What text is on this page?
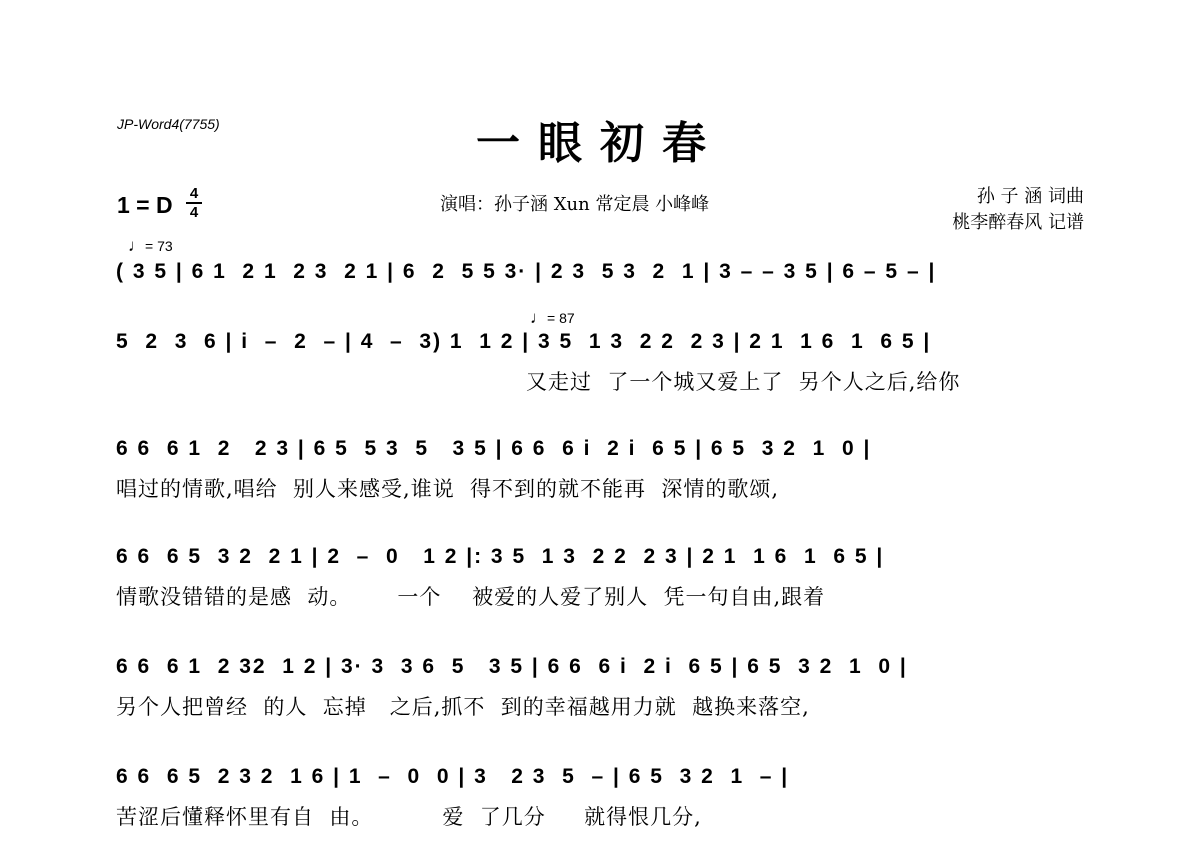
JP-Word4(7755)	一眼初春
1 = D 4
4	演唱：孙子涵 Xun 常定晨 小峰峰	孙 子 涵 词曲
桃李醉春风 记谱
♩= 73
♩= 87
( 3 5 | 6 1  2 1  2 3  2 1 | 6  2  5 5 3· | 2 3  5 3  2  1 | 3 – – 3 5 | 6 – 5 – |
5  2  3  6 | i  –  2  – | 4  –  3) 1  1 2 | 3 5  1 3  2 2  2 3 | 2 1  1 6  1  6 5 |
又走过  了一个城又爱上了  另个人之后,给你
6 6  6 1  2   2 3 | 6 5  5 3  5   3 5 | 6 6  6 i  2 i  6 5 | 6 5  3 2  1  0 |
唱过的情歌,唱给  别人来感受,谁说  得不到的就不能再  深情的歌颂,
6 6  6 5  3 2  2 1 | 2  –  0   1 2 |: 3 5  1 3  2 2  2 3 | 2 1  1 6  1  6 5 |
情歌没错错的是感  动。      一个    被爱的人爱了别人  凭一句自由,跟着
6 6  6 1  2 32  1 2 | 3· 3  3 6  5   3 5 | 6 6  6 i  2 i  6 5 | 6 5  3 2  1  0 |
另个人把曾经  的人  忘掉   之后,抓不  到的幸福越用力就  越换来落空,
6 6  6 5  2 3 2  1 6 | 1  –  0  0 | 3   2 3  5  – | 6 5  3 2  1  – |
苦涩后懂释怀里有自  由。         爱  了几分     就得恨几分,
